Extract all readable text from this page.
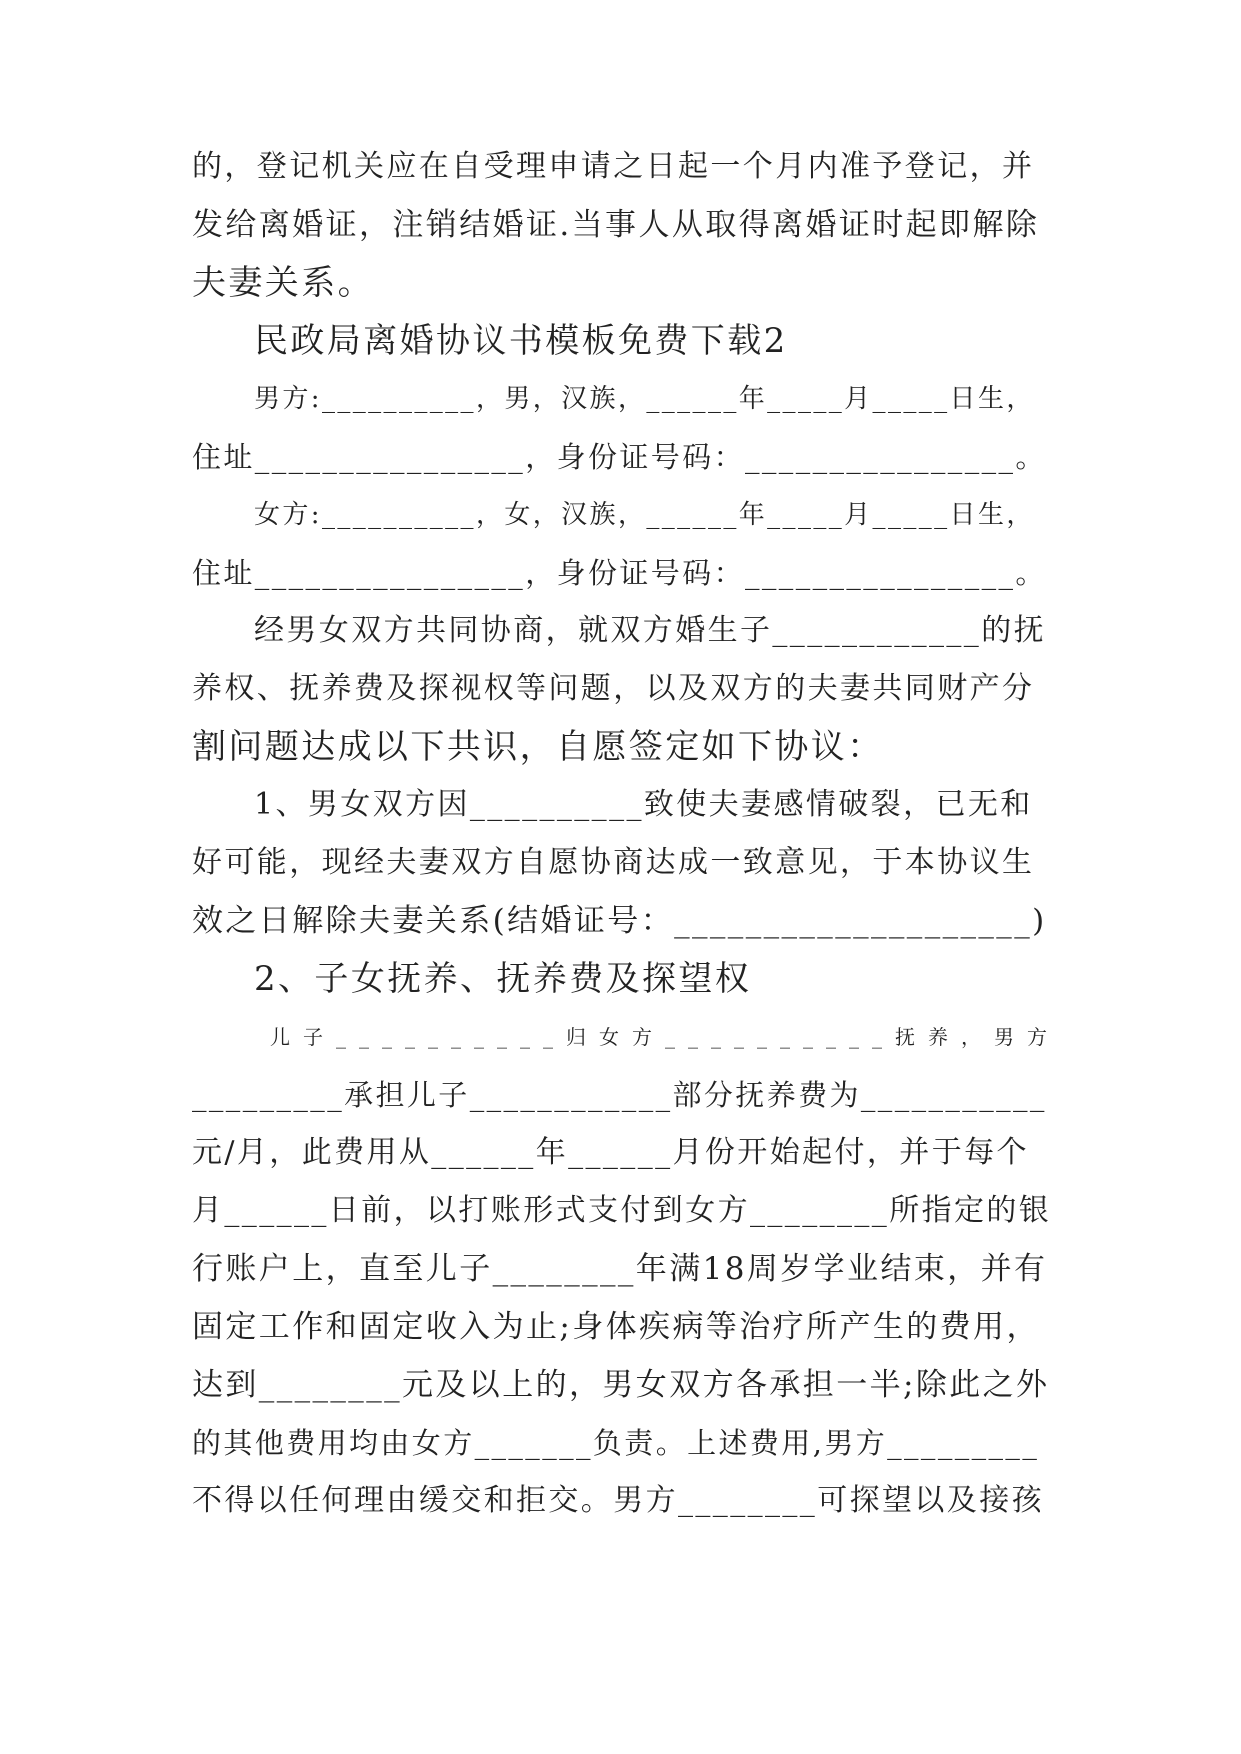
的，登记机关应在自受理申请之日起一个月内准予登记，并
发给离婚证，注销结婚证.当事人从取得离婚证时起即解除
夫妻关系。
民政局离婚协议书模板免费下载2
男方:__________，男，汉族，______年_____月_____日生，
住址________________，身份证号码：________________。
女方:__________，女，汉族，______年_____月_____日生，
住址________________，身份证号码：________________。
经男女双方共同协商，就双方婚生子____________的抚
养权、抚养费及探视权等问题，以及双方的夫妻共同财产分
割问题达成以下共识，自愿签定如下协议：
1、男女双方因__________致使夫妻感情破裂，已无和
好可能，现经夫妻双方自愿协商达成一致意见，于本协议生
效之日解除夫妻关系(结婚证号：____________________)
2、子女抚养、抚养费及探望权
儿子__________归女方__________抚养，男方
_________承担儿子____________部分抚养费为___________
元/月，此费用从______年______月份开始起付，并于每个
月______日前，以打账形式支付到女方________所指定的银
行账户上，直至儿子________年满18周岁学业结束，并有
固定工作和固定收入为止;身体疾病等治疗所产生的费用，
达到________元及以上的，男女双方各承担一半;除此之外
的其他费用均由女方_______负责。上述费用,男方_________
不得以任何理由缓交和拒交。男方________可探望以及接孩
